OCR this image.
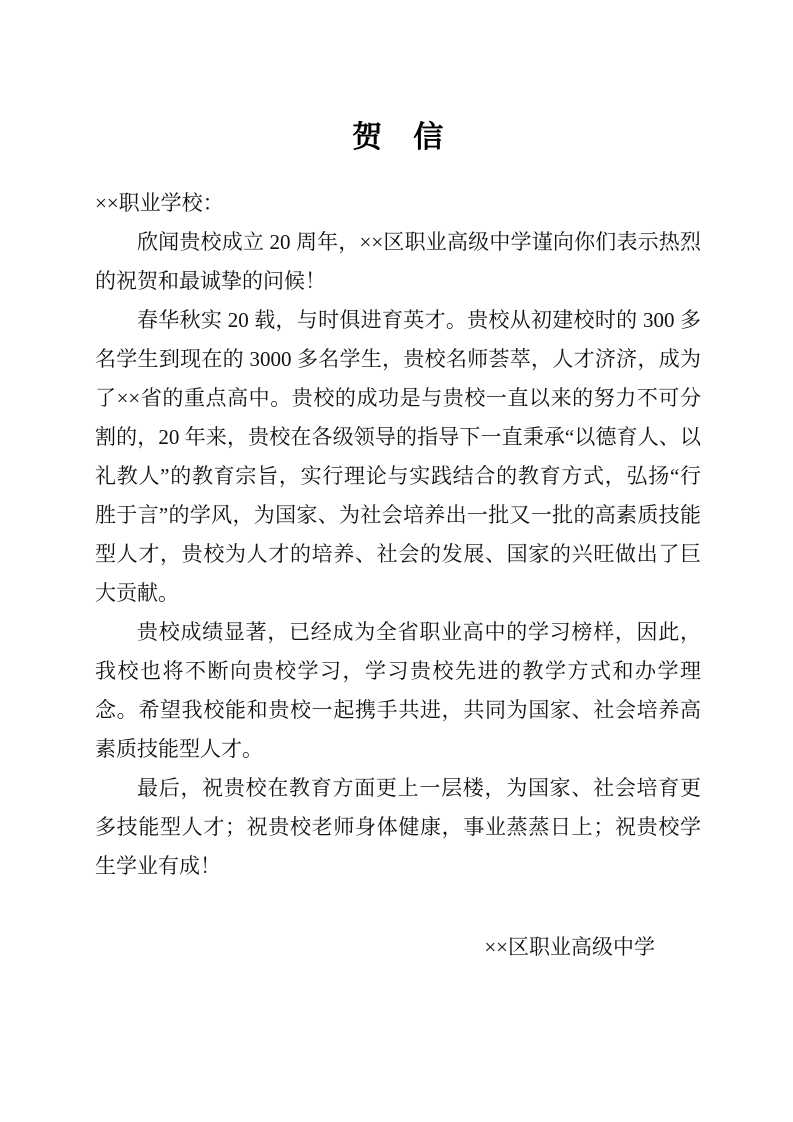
贺　信

××职业学校：

欣闻贵校成立 20 周年，××区职业高级中学谨向你们表示热烈的祝贺和最诚挚的问候！

春华秋实 20 载，与时俱进育英才。贵校从初建校时的 300 多名学生到现在的 3000 多名学生，贵校名师荟萃，人才济济，成为了××省的重点高中。贵校的成功是与贵校一直以来的努力不可分割的，20 年来，贵校在各级领导的指导下一直秉承“以德育人、以礼教人”的教育宗旨，实行理论与实践结合的教育方式，弘扬“行胜于言”的学风，为国家、为社会培养出一批又一批的高素质技能型人才，贵校为人才的培养、社会的发展、国家的兴旺做出了巨大贡献。

贵校成绩显著，已经成为全省职业高中的学习榜样，因此，我校也将不断向贵校学习，学习贵校先进的教学方式和办学理念。希望我校能和贵校一起携手共进，共同为国家、社会培养高素质技能型人才。

最后，祝贵校在教育方面更上一层楼，为国家、社会培育更多技能型人才；祝贵校老师身体健康，事业蒸蒸日上；祝贵校学生学业有成！

××区职业高级中学
